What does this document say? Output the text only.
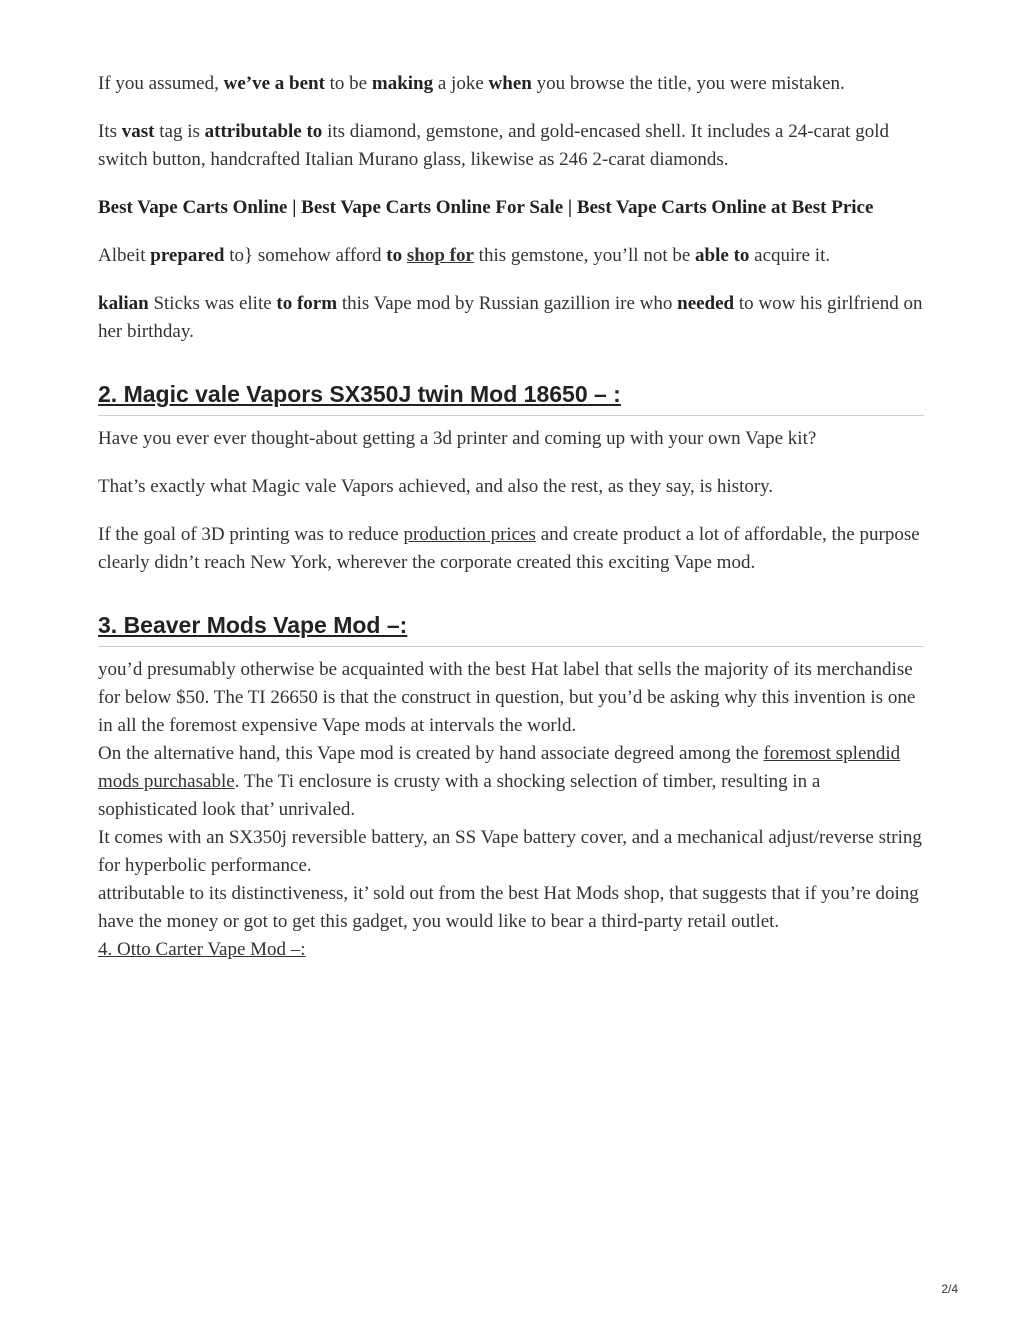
If you assumed, we’ve a bent to be making a joke when you browse the title, you were mistaken.

Its vast tag is attributable to its diamond, gemstone, and gold-encased shell. It includes a 24-carat gold switch button, handcrafted Italian Murano glass, likewise as 246 2-carat diamonds.

Best Vape Carts Online | Best Vape Carts Online For Sale | Best Vape Carts Online at Best Price

Albeit prepared to} somehow afford to shop for this gemstone, you’ll not be able to acquire it.

kalian Sticks was elite to form this Vape mod by Russian gazillion ire who needed to wow his girlfriend on her birthday.

2. Magic vale Vapors SX350J twin Mod 18650 – :

Have you ever ever thought-about getting a 3d printer and coming up with your own Vape kit?

That’s exactly what Magic vale Vapors achieved, and also the rest, as they say, is history.

If the goal of 3D printing was to reduce production prices and create product a lot of affordable, the purpose clearly didn’t reach New York, wherever the corporate created this exciting Vape mod.

3. Beaver Mods Vape Mod –:

you’d presumably otherwise be acquainted with the best Hat label that sells the majority of its merchandise for below $50. The TI 26650 is that the construct in question, but you’d be asking why this invention is one in all the foremost expensive Vape mods at intervals the world.

On the alternative hand, this Vape mod is created by hand associate degreed among the foremost splendid mods purchasable. The Ti enclosure is crusty with a shocking selection of timber, resulting in a sophisticated look that’ unrivaled.

It comes with an SX350j reversible battery, an SS Vape battery cover, and a mechanical adjust/reverse string for hyperbolic performance.

attributable to its distinctiveness, it’ sold out from the best Hat Mods shop, that suggests that if you’re doing have the money or got to get this gadget, you would like to bear a third-party retail outlet.

4. Otto Carter Vape Mod –:

2/4
